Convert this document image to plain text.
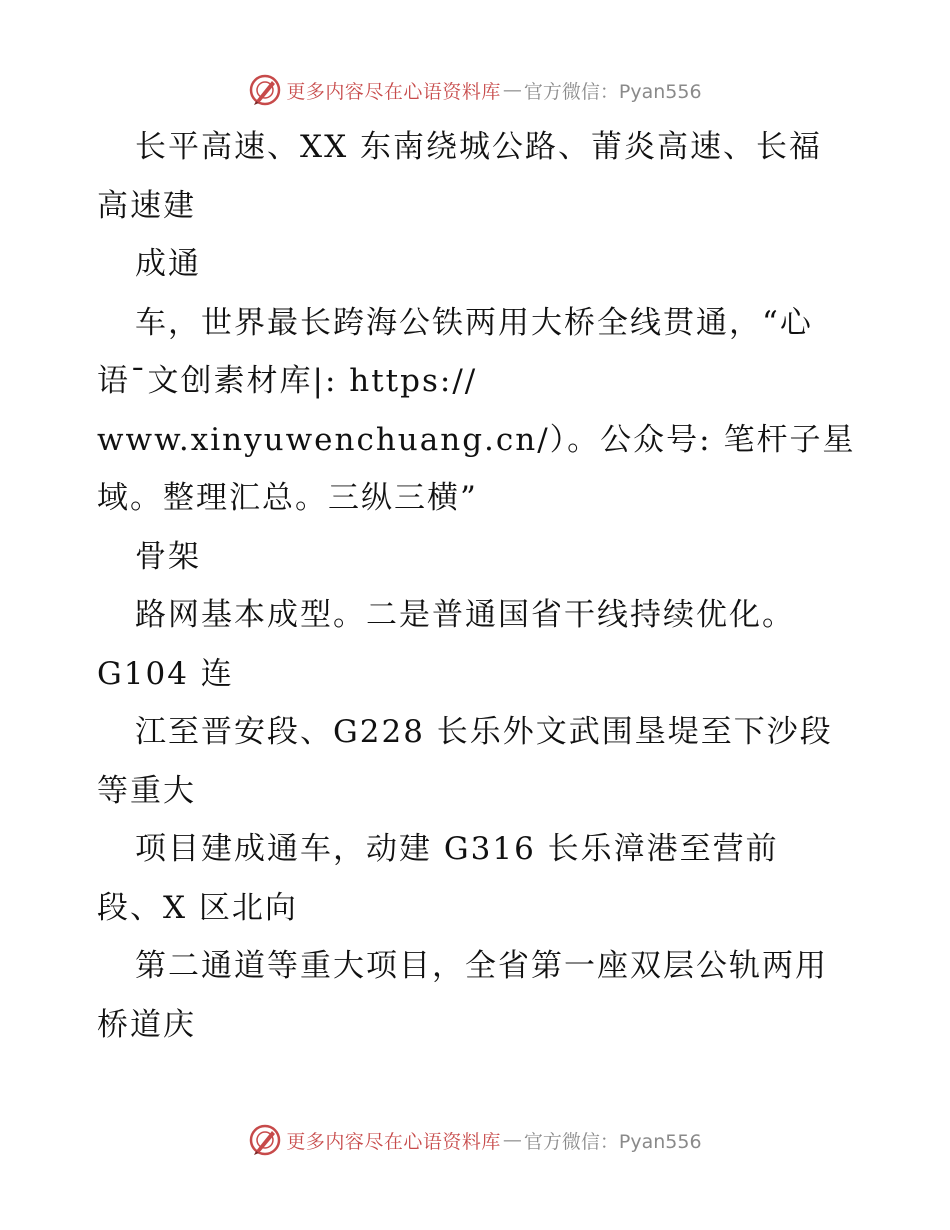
更多内容尽在心语资料库 — 官方微信：Pyan556
长平高速、XX 东南绕城公路、莆炎高速、长福
高速建
成通
车，世界最长跨海公铁两用大桥全线贯通，“心
语¯文创素材库|: https://
www.xinyuwenchuang.cn/）。公众号: 笔杆子星
域。整理汇总。三纵三横”
骨架
路网基本成型。二是普通国省干线持续优化。
G104 连
江至晋安段、G228 长乐外文武围垦堤至下沙段
等重大
项目建成通车，动建 G316 长乐漳港至营前
段、X 区北向
第二通道等重大项目，全省第一座双层公轨两用
桥道庆
更多内容尽在心语资料库 — 官方微信：Pyan556
